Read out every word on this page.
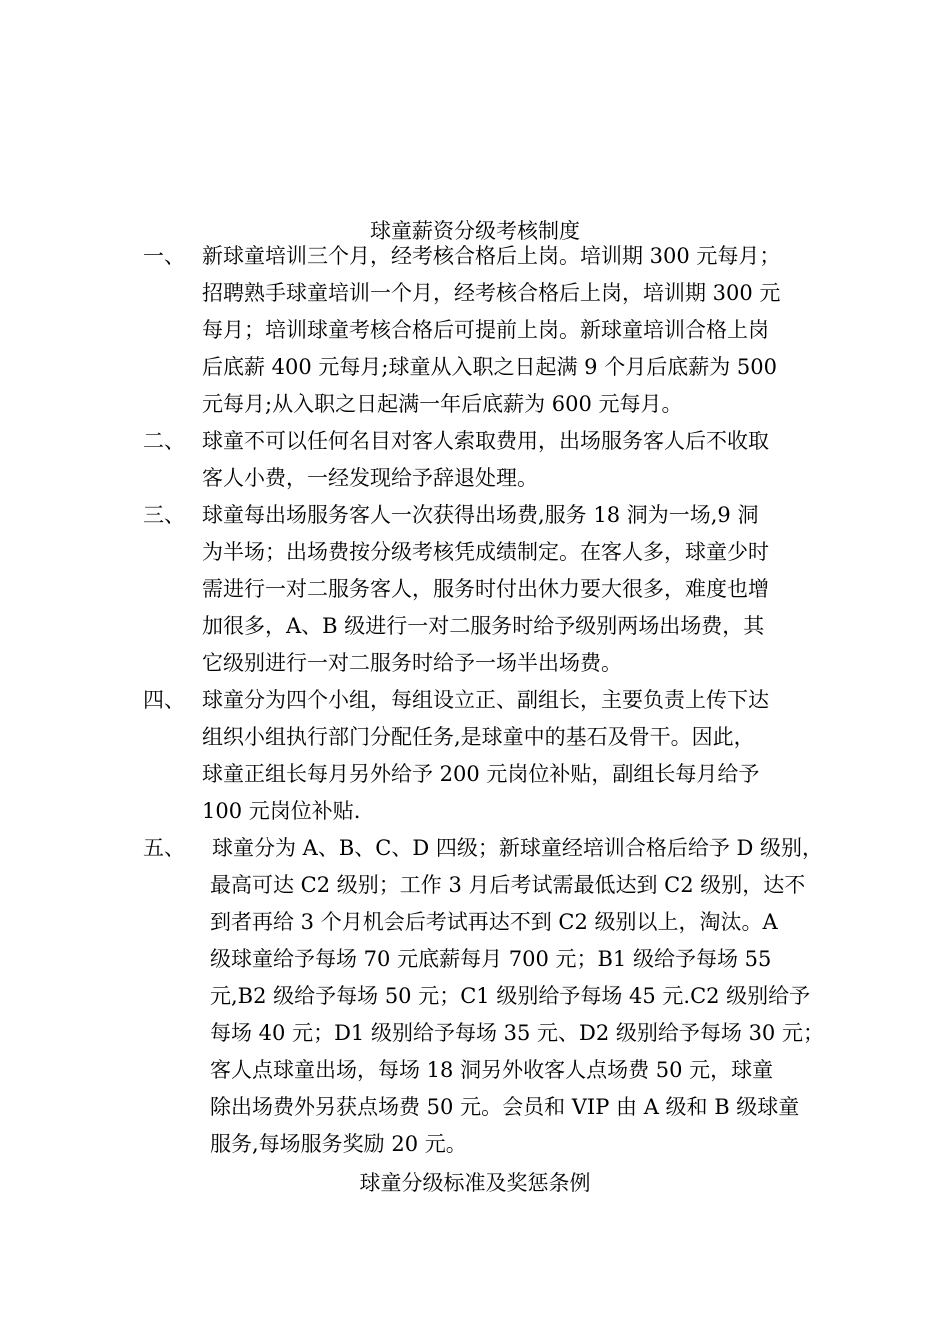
球童薪资分级考核制度
一、 新球童培训三个月，经考核合格后上岗。培训期 300 元每月；
招聘熟手球童培训一个月，经考核合格后上岗，培训期 300 元
每月；培训球童考核合格后可提前上岗。新球童培训合格上岗
后底薪 400 元每月;球童从入职之日起满 9 个月后底薪为 500
元每月;从入职之日起满一年后底薪为 600 元每月。
二、 球童不可以任何名目对客人索取费用，出场服务客人后不收取
客人小费，一经发现给予辞退处理。
三、 球童每出场服务客人一次获得出场费,服务 18 洞为一场,9 洞
为半场；出场费按分级考核凭成绩制定。在客人多，球童少时
需进行一对二服务客人，服务时付出休力要大很多，难度也增
加很多，A、B 级进行一对二服务时给予级别两场出场费，其
它级别进行一对二服务时给予一场半出场费。
四、 球童分为四个小组，每组设立正、副组长，主要负责上传下达
组织小组执行部门分配任务,是球童中的基石及骨干。因此，
球童正组长每月另外给予 200 元岗位补贴，副组长每月给予
100 元岗位补贴.
五、 球童分为 A、B、C、D 四级；新球童经培训合格后给予 D 级别，
最高可达 C2 级别；工作 3 月后考试需最低达到 C2 级别，达不
到者再给 3 个月机会后考试再达不到 C2 级别以上，淘汰。A
级球童给予每场 70 元底薪每月 700 元；B1 级给予每场 55
元,B2 级给予每场 50 元；C1 级别给予每场 45 元.C2 级别给予
每场 40 元；D1 级别给予每场 35 元、D2 级别给予每场 30 元；
客人点球童出场，每场 18 洞另外收客人点场费 50 元，球童
除出场费外另获点场费 50 元。会员和 VIP 由 A 级和 B 级球童
服务,每场服务奖励 20 元。
球童分级标准及奖惩条例
